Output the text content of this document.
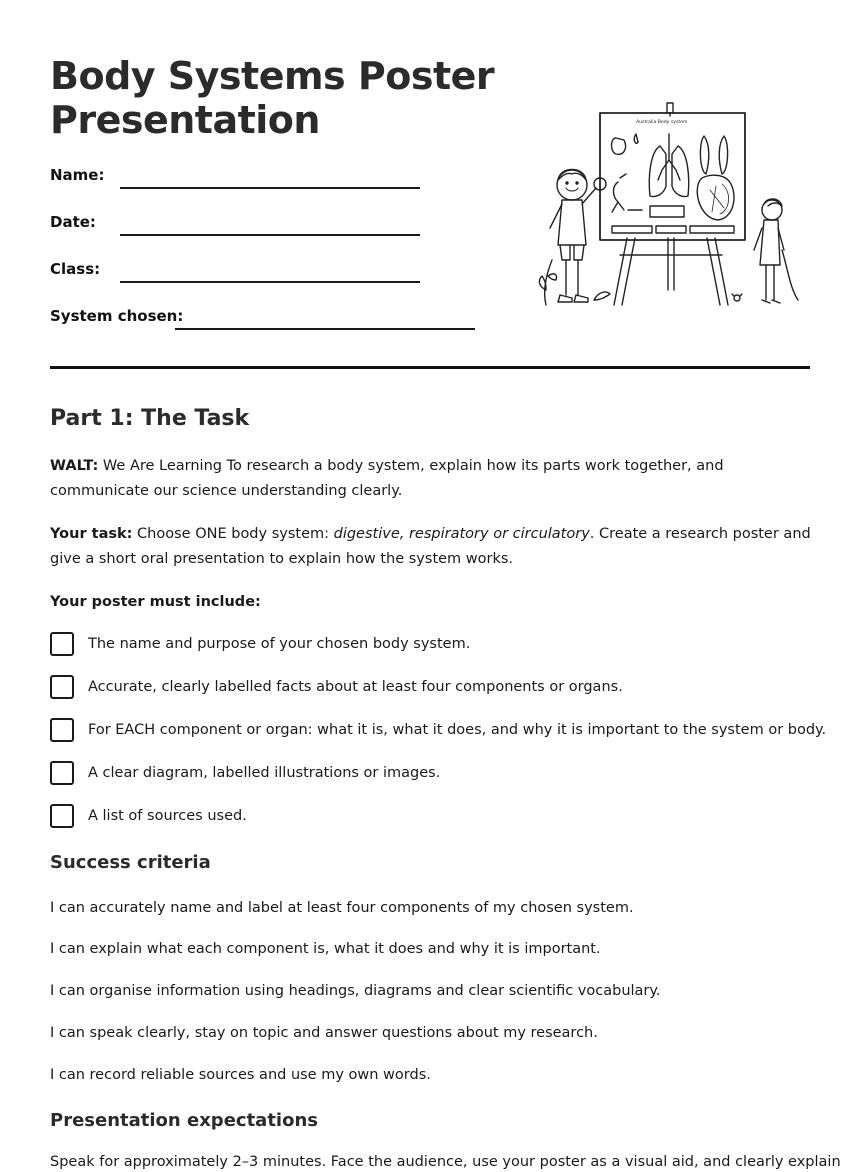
Body Systems Poster Presentation
Name:
Date:
Class:
System chosen:
Australia Body system
Part 1: The Task
WALT: We Are Learning To research a body system, explain how its parts work together, and communicate our science understanding clearly.
Your task: Choose ONE body system: digestive, respiratory or circulatory. Create a research poster and give a short oral presentation to explain how the system works.
Your poster must include:
The name and purpose of your chosen body system.
Accurate, clearly labelled facts about at least four components or organs.
For EACH component or organ: what it is, what it does, and why it is important to the system or body.
A clear diagram, labelled illustrations or images.
A list of sources used.
Success criteria
I can accurately name and label at least four components of my chosen system.
I can explain what each component is, what it does and why it is important.
I can organise information using headings, diagrams and clear scientific vocabulary.
I can speak clearly, stay on topic and answer questions about my research.
I can record reliable sources and use my own words.
Presentation expectations
Speak for approximately 2–3 minutes. Face the audience, use your poster as a visual aid, and clearly explain
